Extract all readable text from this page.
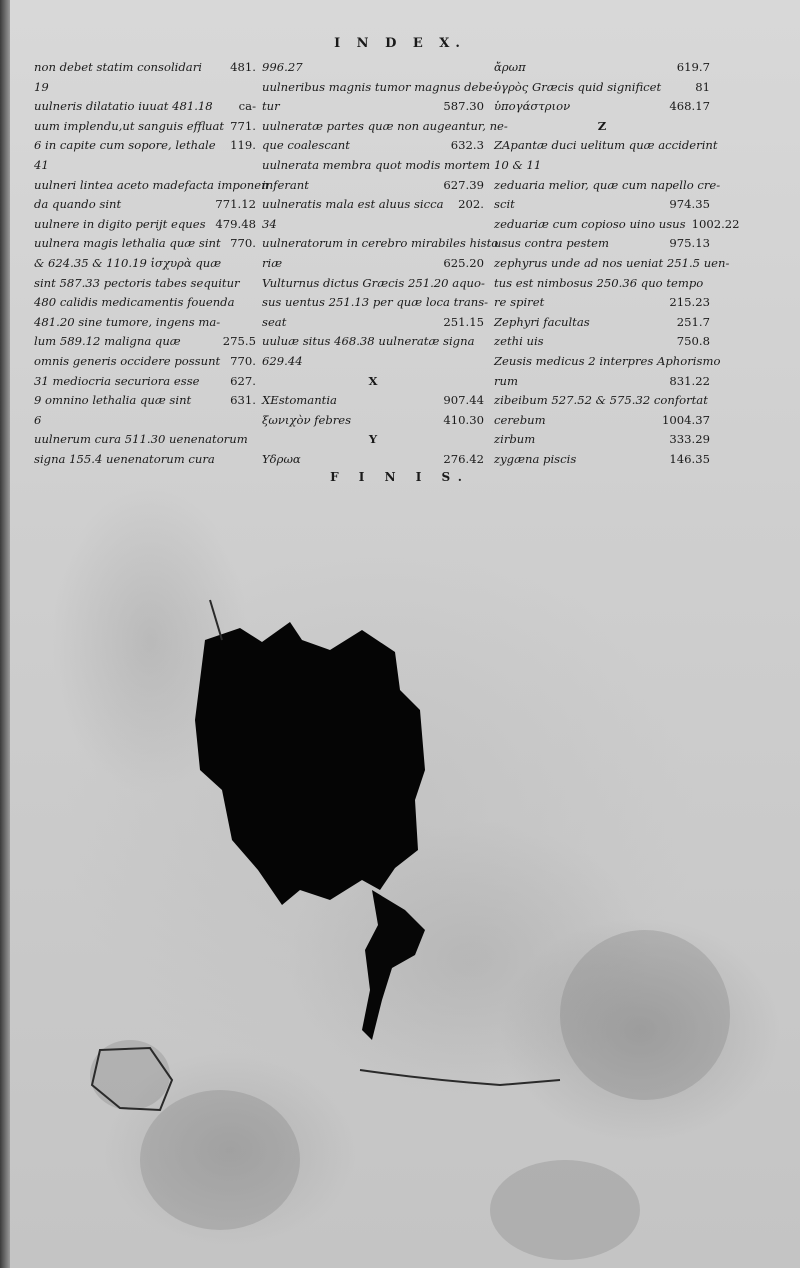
I N D E X.
non debet statim consolidari 481.
19
uulneris dilatatio iuuat 481.18 ca-
uum implendu,ut sanguis effluat 771.
6 in capite cum sopore, lethale 119.
41
uulneri lintea aceto madefacta imponen
da quando sint	771.12
uulnere in digito perijt eques 479.48
uulnera magis lethalia quæ sint 770.
& 624.35 & 110.19 ἰσχυρὰ quæ
sint 587.33 pectoris tabes sequitur
480 calidis medicamentis fouenda
481.20 sine tumore, ingens ma-
lum 589.12 maligna quæ	275.5
omnis generis occidere possunt 770.
31 mediocria securiora esse	627.
9 omnino lethalia quæ sint	631.
6
uulnerum cura 511.30 uenenatorum
signa 155.4 uenenatorum cura
996.27
uulneribus magnis tumor magnus debe-
tur	587.30
uulneratæ partes quæ non augeantur, ne-
que coalescant	632.3
uulnerata membra quot modis mortem
inferant	627.39
uulneratis mala est aluus sicca 202.
34
uulneratorum in cerebro mirabiles histo
riæ	625.20
Vulturnus dictus Græcis 251.20 aquo-
sus uentus 251.13 per quæ loca trans-
seat	251.15
uuluæ situs 468.38 uulneratæ signa
629.44
X
XEstomantia	907.44
ξωνιχὸν febres	410.30
Y
Yδρωα	276.42
ἄρωπ	619.7
ὑγρὸς Græcis quid significet	81
ὑπογάστριον	468.17
Z
ZApantæ duci uelitum quæ acciderint
10 & 11
zeduaria melior, quæ cum napello cre-
scit	974.35
zeduariæ cum copioso uino usus 1002.22
usus contra pestem	975.13
zephyrus unde ad nos ueniat 251.5 uen-
tus est nimbosus 250.36 quo tempo
re spiret	215.23
Zephyri facultas	251.7
zethi uis	750.8
Zeusis medicus 2 interpres Aphorismo
rum	831.22
zibeibum 527.52 & 575.32 confortat
cerebum	1004.37
zirbum	333.29
zygæna piscis	146.35
F I N I S.
